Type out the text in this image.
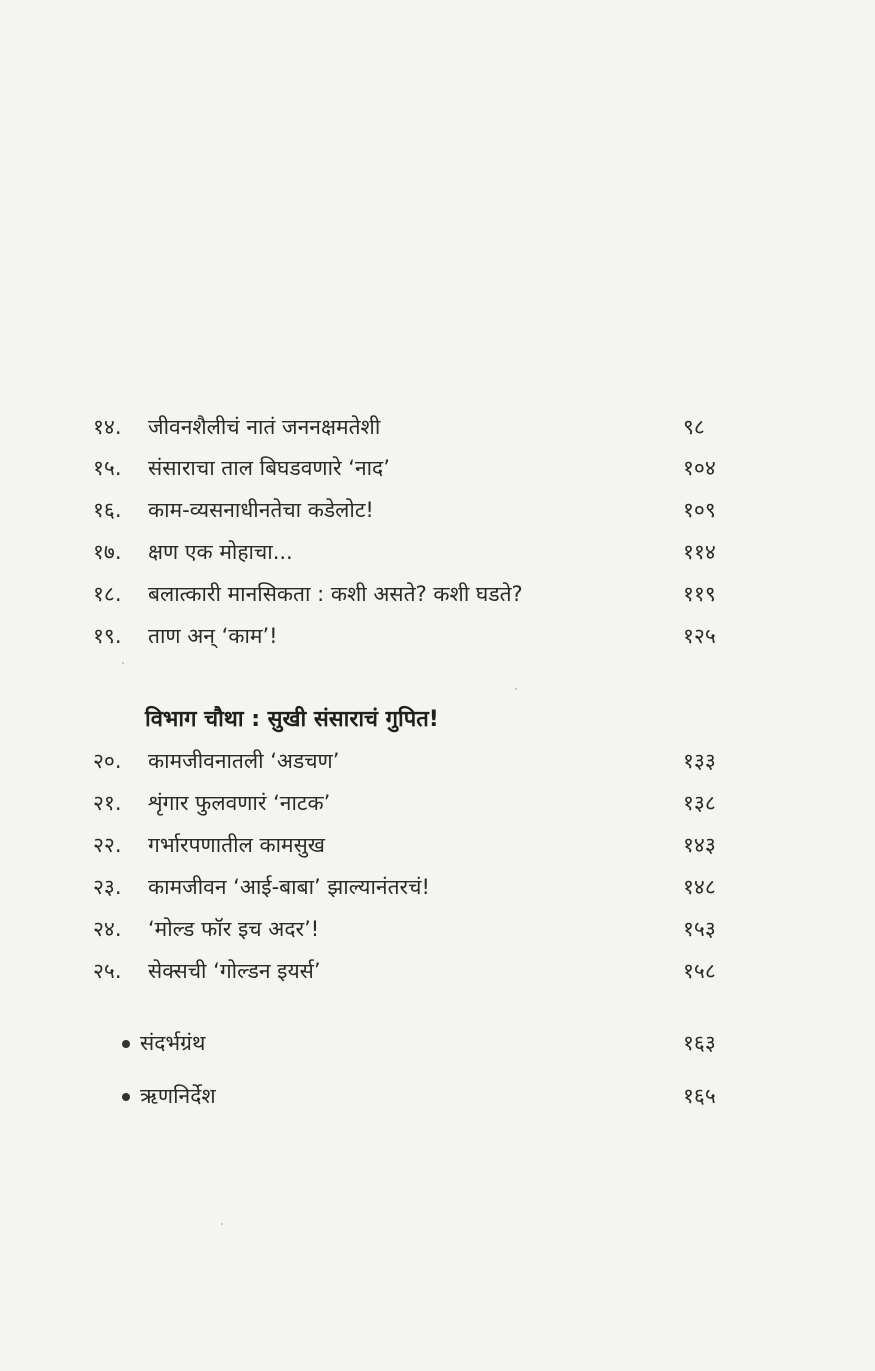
१४. जीवनशैलीचं नातं जननक्षमतेशी	९८
१५. संसाराचा ताल बिघडवणारे ‘नाद’	१०४
१६. काम-व्यसनाधीनतेचा कडेलोट!	१०९
१७. क्षण एक मोहाचा...	११४
१८. बलात्कारी मानसिकता : कशी असते? कशी घडते?	११९
१९. ताण अन् ‘काम’!	१२५
विभाग चौथा : सुखी संसाराचं गुपित!
२०. कामजीवनातली ‘अडचण’	१३३
२१. शृंगार फुलवणारं ‘नाटक’	१३८
२२. गर्भारपणातील कामसुख	१४३
२३. कामजीवन ‘आई-बाबा’ झाल्यानंतरचं!	१४८
२४. ‘मोल्ड फॉर इच अदर’!	१५३
२५. सेक्सची ‘गोल्डन इयर्स’	१५८
संदर्भग्रंथ	१६३
ऋणनिर्देश	१६५
